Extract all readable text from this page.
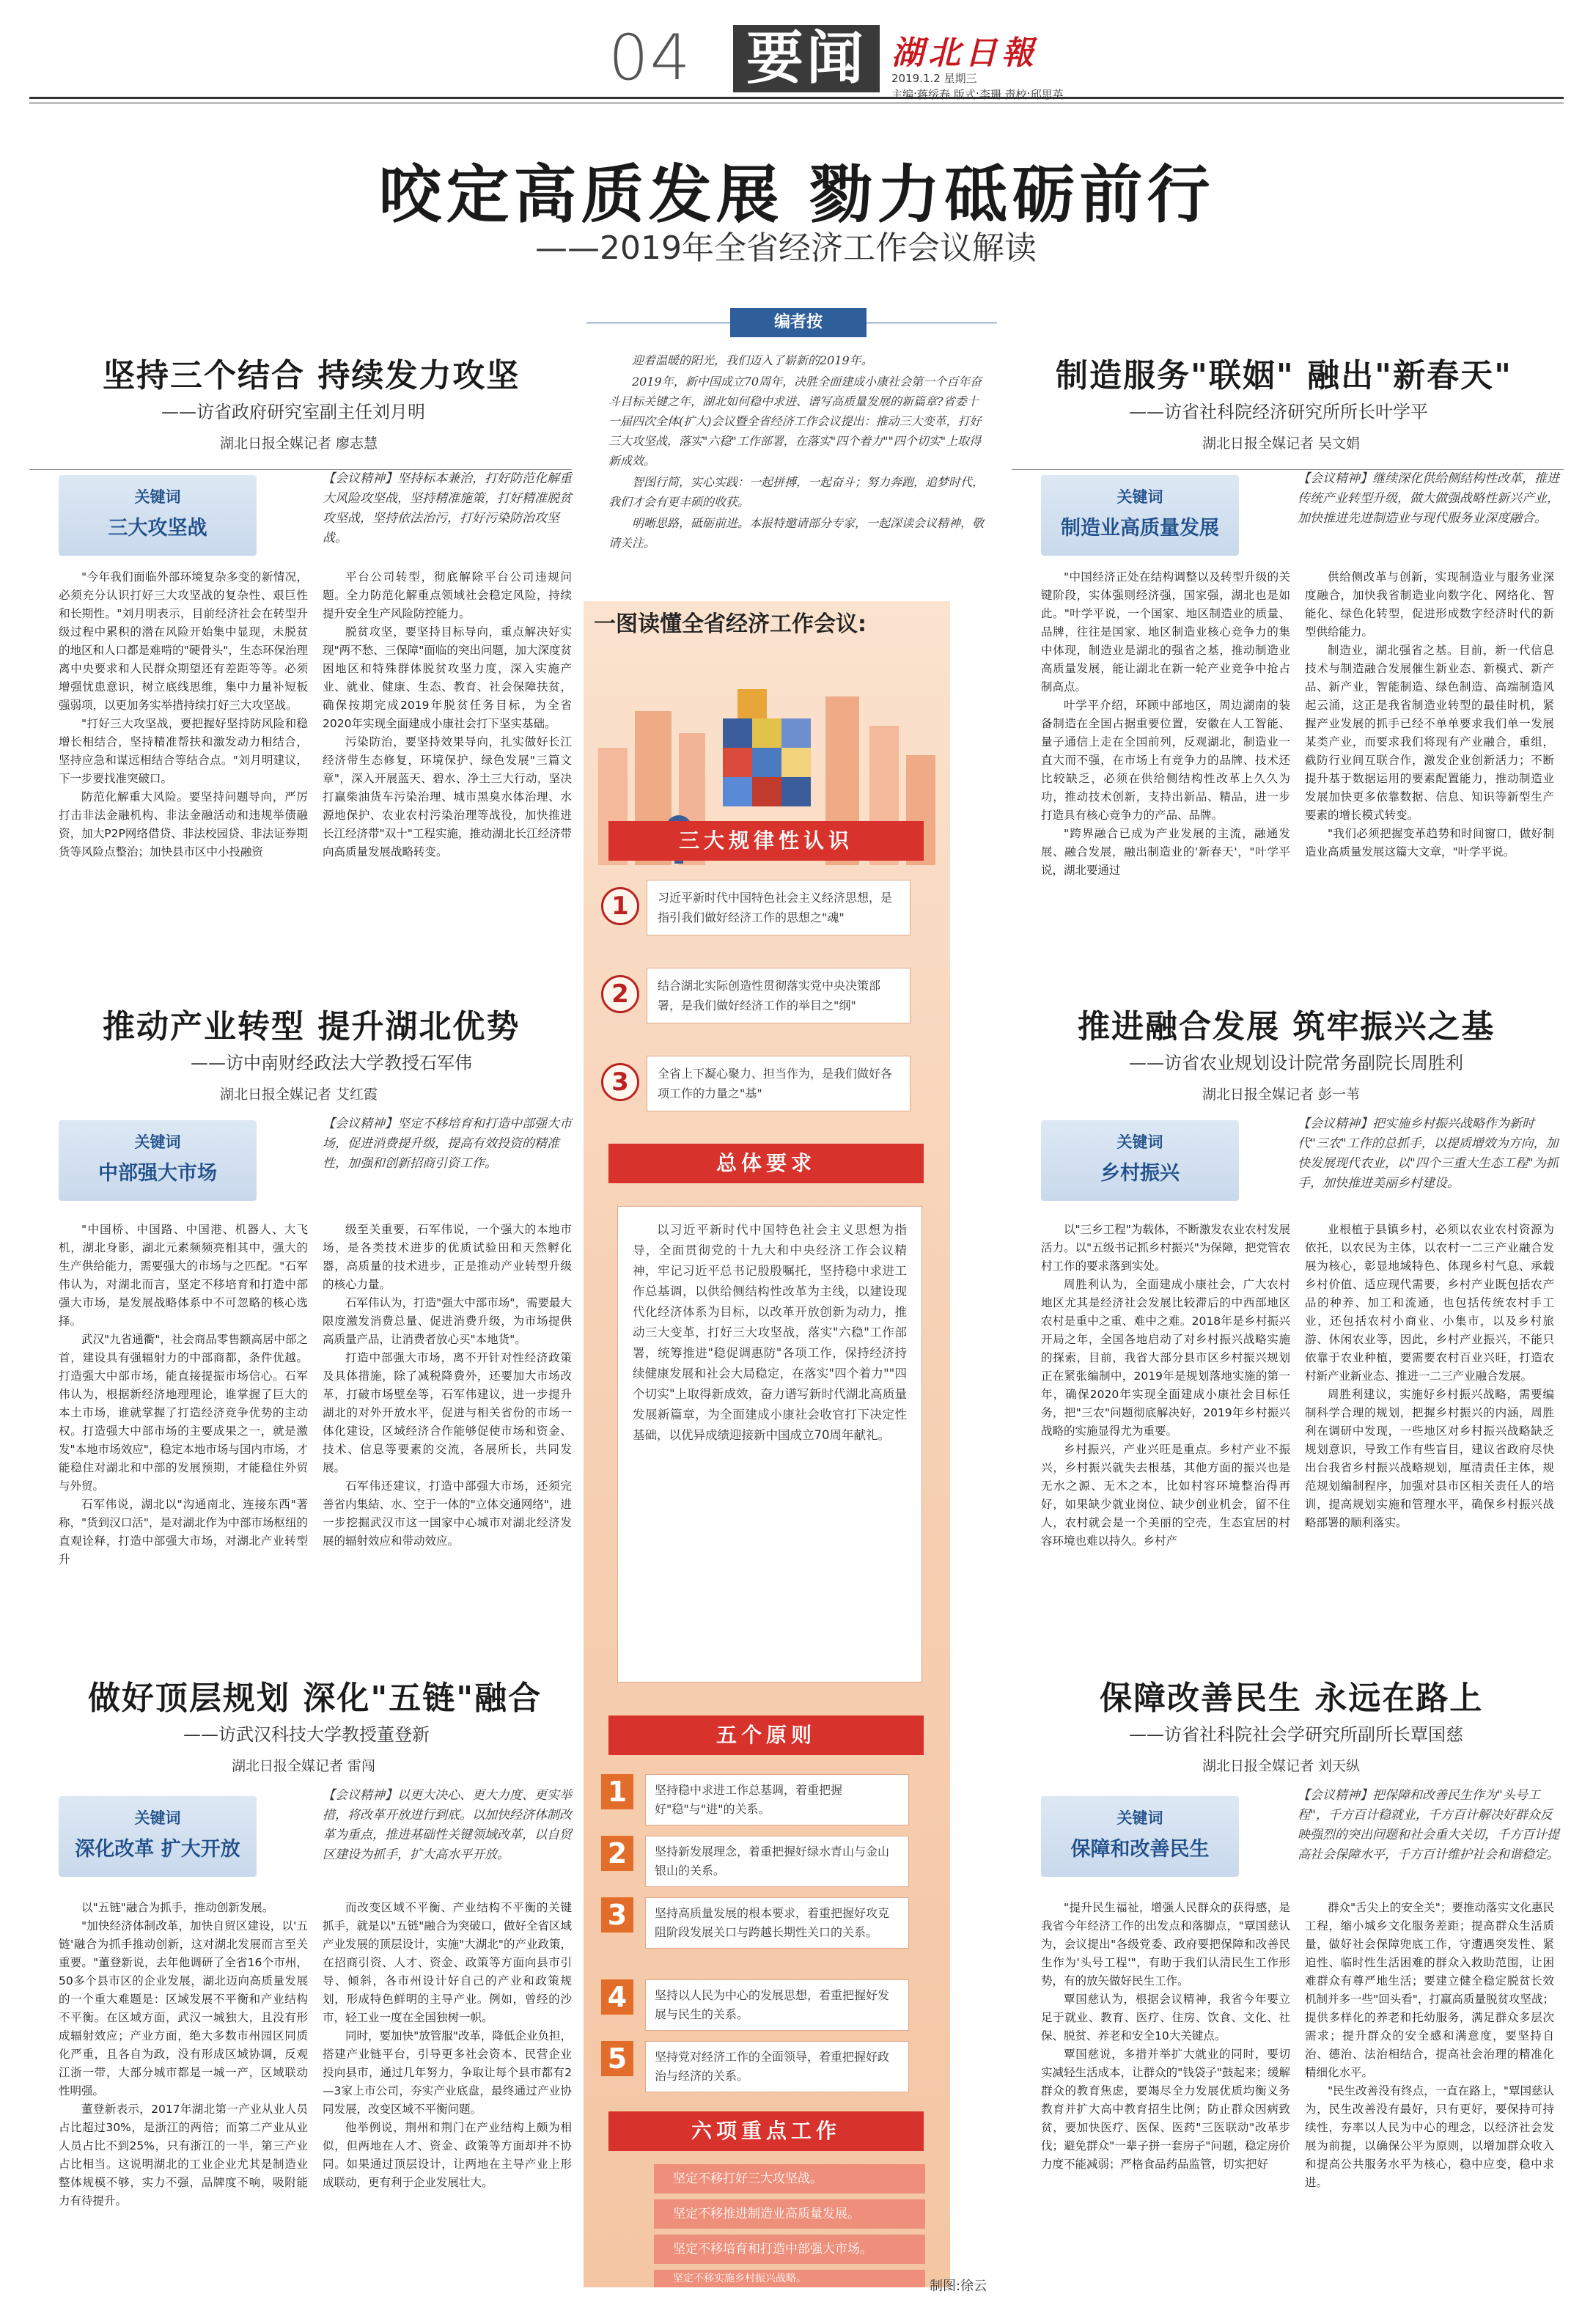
04 要闻 湖北日報
2019.1.2 星期三
主编:蒋绥春 版式:李珊 责校:邱思英
咬定高质发展 勠力砥砺前行
——2019年全省经济工作会议解读
编者按

迎着温暖的阳光，我们迈入了崭新的2019年。

2019年，新中国成立70周年，决胜全面建成小康社会第一个百年奋斗目标关键之年，湖北如何稳中求进、谱写高质量发展的新篇章?省委十一届四次全体(扩大)会议暨全省经济工作会议提出：推动三大变革，打好三大攻坚战，落实"六稳"工作部署，在落实"四个着力""四个切实"上取得新成效。

智图行简，实心实践：一起拼搏，一起奋斗；努力奔跑，追梦时代，我们才会有更丰硕的收获。

明晰思路，砥砺前进。本报特邀请部分专家，一起深读会议精神，敬请关注。

一图读懂全省经济工作会议:
三大规律性认识
1	习近平新时代中国特色社会主义经济思想，是指引我们做好经济工作的思想之"魂"
2	结合湖北实际创造性贯彻落实党中央决策部署，是我们做好经济工作的举目之"纲"
3	全省上下凝心聚力、担当作为，是我们做好各项工作的力量之"基"
总体要求
以习近平新时代中国特色社会主义思想为指导，全面贯彻党的十九大和中央经济工作会议精神，牢记习近平总书记殷殷嘱托，坚持稳中求进工作总基调，以供给侧结构性改革为主线，以建设现代化经济体系为目标，以改革开放创新为动力，推动三大变革，打好三大攻坚战，落实"六稳"工作部署，统筹推进"稳促调惠防"各项工作，保持经济持续健康发展和社会大局稳定，在落实"四个着力""四个切实"上取得新成效，奋力谱写新时代湖北高质量发展新篇章，为全面建成小康社会收官打下决定性基础，以优异成绩迎接新中国成立70周年献礼。
五个原则
1	坚持稳中求进工作总基调，着重把握好"稳"与"进"的关系。
2	坚持新发展理念，着重把握好绿水青山与金山银山的关系。
3	坚持高质量发展的根本要求，着重把握好攻克阻阶段发展关口与跨越长期性关口的关系。
4	坚持以人民为中心的发展思想，着重把握好发展与民生的关系。
5	坚持党对经济工作的全面领导，着重把握好政治与经济的关系。
六项重点工作
坚定不移打好三大攻坚战。
坚定不移推进制造业高质量发展。
坚定不移培育和打造中部强大市场。
坚定不移实施乡村振兴战略。	制图:徐云
坚持三个结合 持续发力攻坚
——访省政府研究室副主任刘月明
湖北日报全媒记者 廖志慧
关键词
三大攻坚战
【会议精神】坚持标本兼治，打好防范化解重大风险攻坚战，坚持精准施策，打好精准脱贫攻坚战，坚持依法治污，打好污染防治攻坚战。

"今年我们面临外部环境复杂多变的新情况，必须充分认识打好三大攻坚战的复杂性、艰巨性和长期性。"刘月明表示，目前经济社会在转型升级过程中累积的潜在风险开始集中显现，未脱贫的地区和人口都是难啃的"硬骨头"，生态环保治理离中央要求和人民群众期望还有差距等等。必须增强忧患意识，树立底线思维，集中力量补短板强弱项，以更加务实举措持续打好三大攻坚战。

"打好三大攻坚战，要把握好坚持防风险和稳增长相结合，坚持精准帮扶和激发动力相结合，坚持应急和谋远相结合等结合点。"刘月明建议，下一步要找准突破口。

防范化解重大风险。要坚持问题导向，严厉打击非法金融机构、非法金融活动和违规举债融资，加大P2P网络借贷、非法校园贷、非法证券期货等风险点整治；加快县市区中小投融资

平台公司转型，彻底解除平台公司违规问题。全力防范化解重点领域社会稳定风险，持续提升安全生产风险防控能力。

脱贫攻坚，要坚持目标导向，重点解决好实现"两不愁、三保障"面临的突出问题，加大深度贫困地区和特殊群体脱贫攻坚力度，深入实施产业、就业、健康、生态、教育、社会保障扶贫，确保按期完成2019年脱贫任务目标，为全省2020年实现全面建成小康社会打下坚实基础。

污染防治，要坚持效果导向，扎实做好长江经济带生态修复，环境保护、绿色发展"三篇文章"，深入开展蓝天、碧水、净土三大行动，坚决打赢柴油货车污染治理、城市黑臭水体治理、水源地保护、农业农村污染治理等战役，加快推进长江经济带"双十"工程实施，推动湖北长江经济带向高质量发展战略转变。

推动产业转型 提升湖北优势
——访中南财经政法大学教授石军伟
湖北日报全媒记者 艾红霞
关键词
中部强大市场
【会议精神】坚定不移培育和打造中部强大市场，促进消费提升级，提高有效投资的精准性，加强和创新招商引资工作。

"中国桥、中国路、中国港、机器人、大飞机，湖北身影，湖北元素频频亮相其中，强大的生产供给能力，需要强大的市场与之匹配。"石军伟认为，对湖北而言，坚定不移培育和打造中部强大市场，是发展战略体系中不可忽略的核心选择。

武汉"九省通衢"，社会商品零售额高居中部之首，建设具有强辐射力的中部商都，条件优越。打造强大中部市场，能直接提振市场信心。石军伟认为，根据新经济地理理论，谁掌握了巨大的本土市场，谁就掌握了打造经济竞争优势的主动权。打造强大中部市场的主要成果之一，就是激发"本地市场效应"，稳定本地市场与国内市场，才能稳住对湖北和中部的发展预期，才能稳住外贸与外贸。

石军伟说，湖北以"沟通南北、连接东西"著称，"货到汉口活"，是对湖北作为中部市场枢纽的直观诠释，打造中部强大市场，对湖北产业转型升

级至关重要，石军伟说，一个强大的本地市场，是各类技术进步的优质试验田和天然孵化器，高质量的技术进步，正是推动产业转型升级的核心力量。

石军伟认为，打造"强大中部市场"，需要最大限度激发消费总量、促进消费升级，为市场提供高质量产品，让消费者放心买"本地货"。

打造中部强大市场，离不开针对性经济政策及具体措施，除了减税降费外，还要加大市场改革，打破市场壁垒等，石军伟建议，进一步提升湖北的对外开放水平，促进与相关省份的市场一体化建设，区域经济合作能够促使市场和资金、技术、信息等要素的交流，各展所长，共同发展。

石军伟还建议，打造中部强大市场，还须完善省内集結、水、空于一体的"立体交通网络"，进一步挖掘武汉市这一国家中心城市对湖北经济发展的辐射效应和带动效应。

做好顶层规划 深化"五链"融合
——访武汉科技大学教授董登新
湖北日报全媒记者 雷闯
关键词
深化改革 扩大开放
【会议精神】以更大决心、更大力度、更实举措，将改革开放进行到底。以加快经济体制改革为重点，推进基础性关键领域改革，以自贸区建设为抓手，扩大高水平开放。

以"五链"融合为抓手，推动创新发展。

"加快经济体制改革，加快自贸区建设，以'五链'融合为抓手推动创新，这对湖北发展而言至关重要。"董登新说，去年他调研了全省16个市州，50多个县市区的企业发展，湖北迈向高质量发展的一个重大难题是：区域发展不平衡和产业结构不平衡。在区域方面，武汉一城独大，且没有形成辐射效应；产业方面，绝大多数市州园区同质化严重，且各自为政，没有形成区域协调，反观江浙一带，大部分城市都是一城一产，区域联动性明强。

董登新表示，2017年湖北第一产业从业人员占比超过30%，是浙江的两倍；而第二产业从业人员占比不到25%，只有浙江的一半，第三产业占比相当。这说明湖北的工业企业尤其是制造业整体规模不够，实力不强，品牌度不响，吸附能力有待提升。

而改变区域不平衡、产业结构不平衡的关键抓手，就是以"五链"融合为突破口，做好全省区域产业发展的顶层设计，实施"大湖北"的产业政策，在招商引资、人才、资金、政策等方面向县市引导、倾斜，各市州设计好自己的产业和政策规划，形成特色鲜明的主导产业。例如，曾经的沙市，轻工业一度在全国独树一帜。

同时，要加快"放管服"改革，降低企业负担，搭建产业链平台，引导更多社会资本、民营企业投向县市，通过几年努力，争取让每个县市都有2—3家上市公司，夯实产业底盘，最终通过产业协同发展，改变区域不平衡问题。

他举例说，荆州和荆门在产业结构上颇为相似，但两地在人才、资金、政策等方面却并不协同。如果通过顶层设计，让两地在主导产业上形成联动，更有利于企业发展壮大。

制造服务"联姻" 融出"新春天"
——访省社科院经济研究所所长叶学平
湖北日报全媒记者 吴文娟
关键词
制造业高质量发展
【会议精神】继续深化供给侧结构性改革，推进传统产业转型升级，做大做强战略性新兴产业，加快推进先进制造业与现代服务业深度融合。

"中国经济正处在结构调整以及转型升级的关键阶段，实体强则经济强，国家强，湖北也是如此。"叶学平说，一个国家、地区制造业的质量、品牌，往往是国家、地区制造业核心竞争力的集中体现，制造业是湖北的强省之基，推动制造业高质量发展，能让湖北在新一轮产业竞争中抢占制高点。

叶学平介绍，环顾中部地区，周边湖南的装备制造在全国占据重要位置，安徽在人工智能、量子通信上走在全国前列，反观湖北，制造业一直大而不强，在市场上有竞争力的品牌、技术还比较缺乏，必须在供给侧结构性改革上久久为功，推动技术创新，支持出新品、精品，进一步打造具有核心竞争力的产品、品牌。

"跨界融合已成为产业发展的主流，融通发展、融合发展，融出制造业的'新春天'，"叶学平说，湖北要通过

供给侧改革与创新，实现制造业与服务业深度融合，加快我省制造业向数字化、网络化、智能化、绿色化转型，促进形成数字经济时代的新型供给能力。

制造业，湖北强省之基。目前，新一代信息技术与制造融合发展催生新业态、新模式、新产品、新产业，智能制造、绿色制造、高端制造风起云涌，这正是我省制造业转型的最佳时机，紧握产业发展的抓手已经不单单要求我们单一发展某类产业，而要求我们将现有产业融合，重组，截防行业间互联合作，激发企业创新活力；不断提升基于数据运用的要素配置能力，推动制造业发展加快更多依靠数据、信息、知识等新型生产要素的增长模式转变。

"我们必须把握变革趋势和时间窗口，做好制造业高质量发展这篇大文章，"叶学平说。

推进融合发展 筑牢振兴之基
——访省农业规划设计院常务副院长周胜利
湖北日报全媒记者 彭一苇
关键词
乡村振兴
【会议精神】把实施乡村振兴战略作为新时代"三农"工作的总抓手，以提质增效为方向，加快发展现代农业，以"四个三重大生态工程"为抓手，加快推进美丽乡村建设。

以"三乡工程"为载体，不断激发农业农村发展活力。以"五级书记抓乡村振兴"为保障，把党管农村工作的要求落到实处。

周胜利认为，全面建成小康社会，广大农村地区尤其是经济社会发展比较滞后的中西部地区农村是重中之重、难中之难。2018年是乡村振兴开局之年，全国各地启动了对乡村振兴战略实施的探索，目前，我省大部分县市区乡村振兴规划正在紧张编制中，2019年是规划落地实施的第一年，确保2020年实现全面建成小康社会目标任务，把"三农"问题彻底解决好，2019年乡村振兴战略的实施显得尤为重要。

乡村振兴，产业兴旺是重点。乡村产业不振兴，乡村振兴就失去根基，其他方面的振兴也是无水之源、无木之本，比如村容环境整治得再好，如果缺少就业岗位、缺少创业机会，留不住人，农村就会是一个美丽的空壳，生态宜居的村容环境也难以持久。乡村产

业根植于县镇乡村，必须以农业农村资源为依托，以农民为主体，以农村一二三产业融合发展为核心，彰显地域特色、体现乡村气息、承载乡村价值、适应现代需要，乡村产业既包括农产品的种养、加工和流通，也包括传统农村手工业，还包括农村小商业、小集市，以及乡村旅游、休闲农业等，因此，乡村产业振兴，不能只依靠于农业种植，要需要农村百业兴旺，打造农村新产业新业态、推进一二三产业融合发展。

周胜利建议，实施好乡村振兴战略，需要编制科学合理的规划，把握乡村振兴的内涵，周胜利在调研中发现，一些地区对乡村振兴战略缺乏规划意识，导致工作有些盲目，建议省政府尽快出台我省乡村振兴战略规划，厘清责任主体，规范规划编制程序，加强对县市区相关责任人的培训，提高规划实施和管理水平，确保乡村振兴战略部署的顺利落实。

保障改善民生 永远在路上
——访省社科院社会学研究所副所长覃国慈
湖北日报全媒记者 刘天纵
关键词
保障和改善民生
【会议精神】把保障和改善民生作为"头号工程"，千方百计稳就业，千方百计解决好群众反映强烈的突出问题和社会重大关切，千方百计提高社会保障水平，千方百计维护社会和谐稳定。

"提升民生福祉，增强人民群众的获得感，是我省今年经济工作的出发点和落脚点，"覃国慈认为，会议提出"各级党委、政府要把保障和改善民生作为'头号工程'"，有助于我们认清民生工作形势，有的放矢做好民生工作。

覃国慈认为，根据会议精神，我省今年要立足于就业、教育、医疗、住房、饮食、文化、社保、脱贫、养老和安全10大关键点。

覃国慈说，多措并举扩大就业的同时，要切实减轻生活成本，让群众的"钱袋子"鼓起来；缓解群众的教育焦虑，要竭尽全力发展优质均衡义务教育并扩大高中教育招生比例；防止群众因病致贫，要加快医疗、医保、医药"三医联动"改革步伐；避免群众"一辈子拼一套房子"问题，稳定房价力度不能减弱；严格食品药品监管，切实把好

群众"舌尖上的安全关"；要推动落实文化惠民工程，缩小城乡文化服务差距；提高群众生活质量，做好社会保障兜底工作，守遭遇突发性、紧迫性、临时性生活困难的群众入救助范围，让困难群众有尊严地生活；要建立健全稳定脱贫长效机制并多一些"回头看"，打赢高质量脱贫攻坚战；提供多样化的养老和托幼服务，满足群众多层次需求；提升群众的安全感和满意度，要坚持自治、德治、法治相结合，提高社会治理的精准化精细化水平。

"民生改善没有终点，一直在路上，"覃国慈认为，民生改善没有最好，只有更好，要保持可持续性，夯率以人民为中心的理念，以经济社会发展为前提，以确保公平为原则，以增加群众收入和提高公共服务水平为核心，稳中应变，稳中求进。
